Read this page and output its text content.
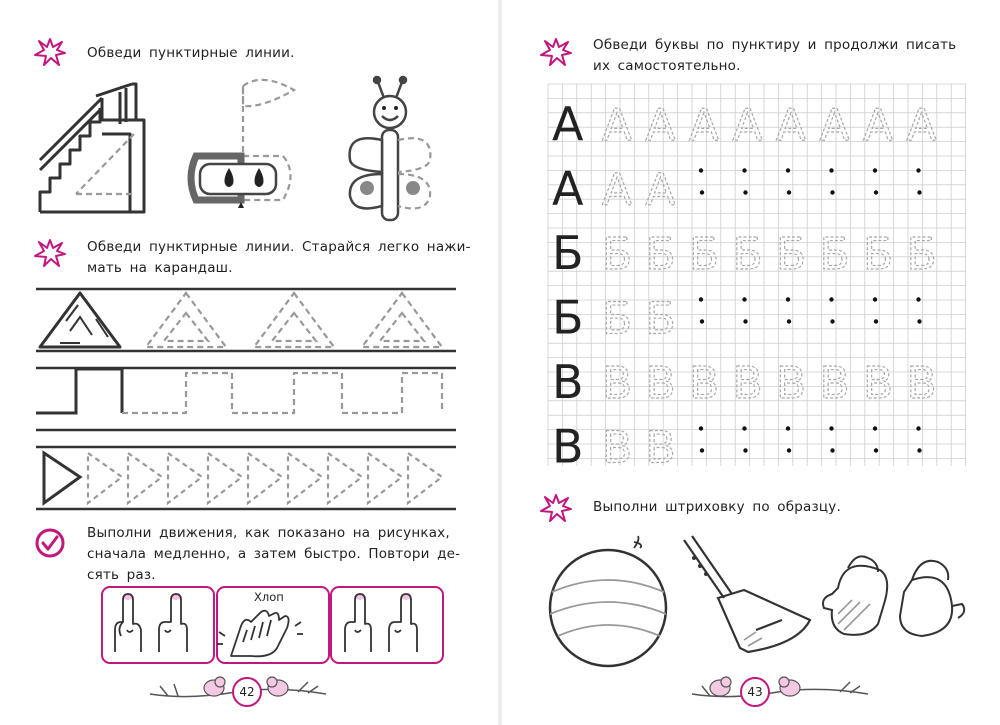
Обведи пунктирные линии.
Обведи пунктирные линии. Старайся легко нажи-
мать на карандаш.
Выполни движения, как показано на рисунках,
сначала медленно, а затем быстро. Повтори де-
сять раз.
Хлоп
42
Обведи буквы по пунктиру и продолжи писать
их самостоятельно.
А А А А А А А А А
А А А
Б Б Б Б Б Б Б Б Б
Б Б Б
В В В В В В В В В
В В В
Выполни штриховку по образцу.
43
